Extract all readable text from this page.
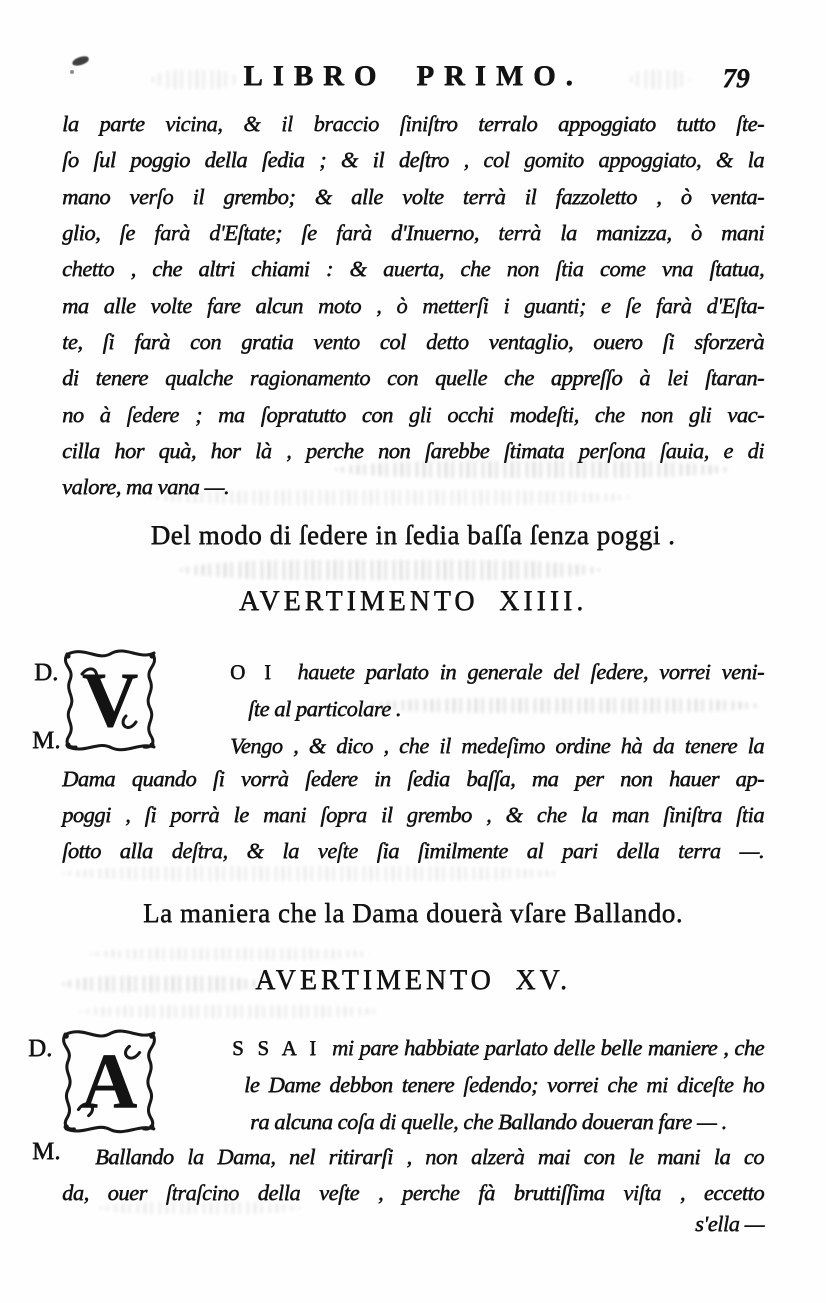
LIBRO PRIMO.	79
la parte vicina, & il braccio ſiniſtro terralo appoggiato tutto ſte-
ſo ſul poggio della ſedia ; & il deſtro , col gomito appoggiato, & la
mano verſo il grembo; & alle volte terrà il fazzoletto , ò venta-
glio, ſe farà d'Eſtate; ſe farà d'Inuerno, terrà la manizza, ò mani
chetto , che altri chiami : & auerta, che non ſtia come vna ſtatua,
ma alle volte fare alcun moto , ò metterſi i guanti; e ſe farà d'Eſta-
te, ſi farà con gratia vento col detto ventaglio, ouero ſi sforzerà
di tenere qualche ragionamento con quelle che appreſſo à lei ſtaran-
no à ſedere ; ma ſopratutto con gli occhi modeſti, che non gli vac-
cilla hor quà, hor là , perche non ſarebbe ſtimata perſona ſauia, e di
valore, ma vana —.
Del modo di ſedere in ſedia baſſa ſenza poggi .
AVERTIMENTO XIIII.
D. V	O I hauete parlato in generale del ſedere, vorrei veni-
ſte al particolare .
M.	Vengo , & dico , che il medeſimo ordine hà da tenere la
Dama quando ſi vorrà ſedere in ſedia baſſa, ma per non hauer ap-
poggi , ſi porrà le mani ſopra il grembo , & che la man ſiniſtra ſtia
ſotto alla deſtra, & la veſte ſia ſimilmente al pari della terra —.
La maniera che la Dama douerà vſare Ballando.
AVERTIMENTO XV.
D. A	S S A I mi pare habbiate parlato delle belle maniere , che
le Dame debbon tenere ſedendo; vorrei che mi diceſte ho
ra alcuna coſa di quelle, che Ballando doueran fare — .
M.	Ballando la Dama, nel ritirarſi , non alzerà mai con le mani la co
da, ouer ſtraſcino della veſte , perche fà bruttiſſima viſta , eccetto
s'ella —
